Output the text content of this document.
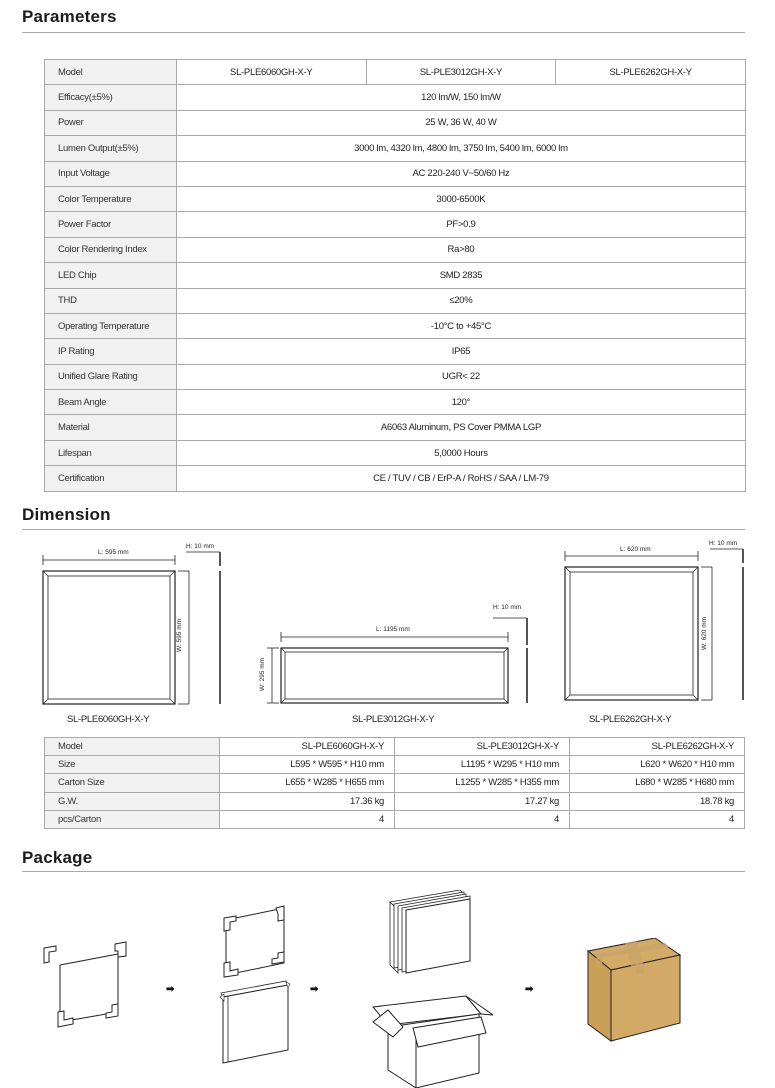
Parameters
Model	SL-PLE6060GH-X-Y	SL-PLE3012GH-X-Y	SL-PLE6262GH-X-Y
Efficacy(±5%)	120 lm/W, 150 lm/W		
Power	25 W, 36 W, 40 W		
Lumen Output(±5%)	3000 lm, 4320 lm, 4800 lm, 3750 lm, 5400 lm, 6000 lm		
Input Voltage	AC 220-240 V~50/60 Hz		
Color Temperature	3000-6500K		
Power Factor	PF>0.9		
Color Rendering Index	Ra>80		
LED Chip	SMD 2835		
THD	≤20%		
Operating Temperature	-10°C to +45°C		
IP Rating	IP65		
Unified Glare Rating	UGR< 22		
Beam Angle	120°		
Material	A6063 Aluminum, PS Cover PMMA LGP		
Lifespan	5,0000 Hours		
Certification	CE / TUV / CB / ErP-A / RoHS / SAA / LM-79		
Dimension
L: 595 mm
W: 595 mm
H: 10 mm
SL-PLE6060GH-X-Y
L: 1195 mm
W: 295 mm
H: 10 mm
SL-PLE3012GH-X-Y
L: 620 mm
W: 620 mm
H: 10 mm
SL-PLE6262GH-X-Y
Model	SL-PLE6060GH-X-Y	SL-PLE3012GH-X-Y	SL-PLE6262GH-X-Y
Size	L595 * W595 * H10 mm	L1195 * W295 * H10 mm	L620 * W620 * H10 mm
Carton Size	L655 * W285 * H655 mm	L1255 * W285 * H355 mm	L680 * W285 * H680 mm
G.W.	17.36 kg	17.27 kg	18.78 kg
pcs/Carton	4	4	4
Package
➡	➡	➡
